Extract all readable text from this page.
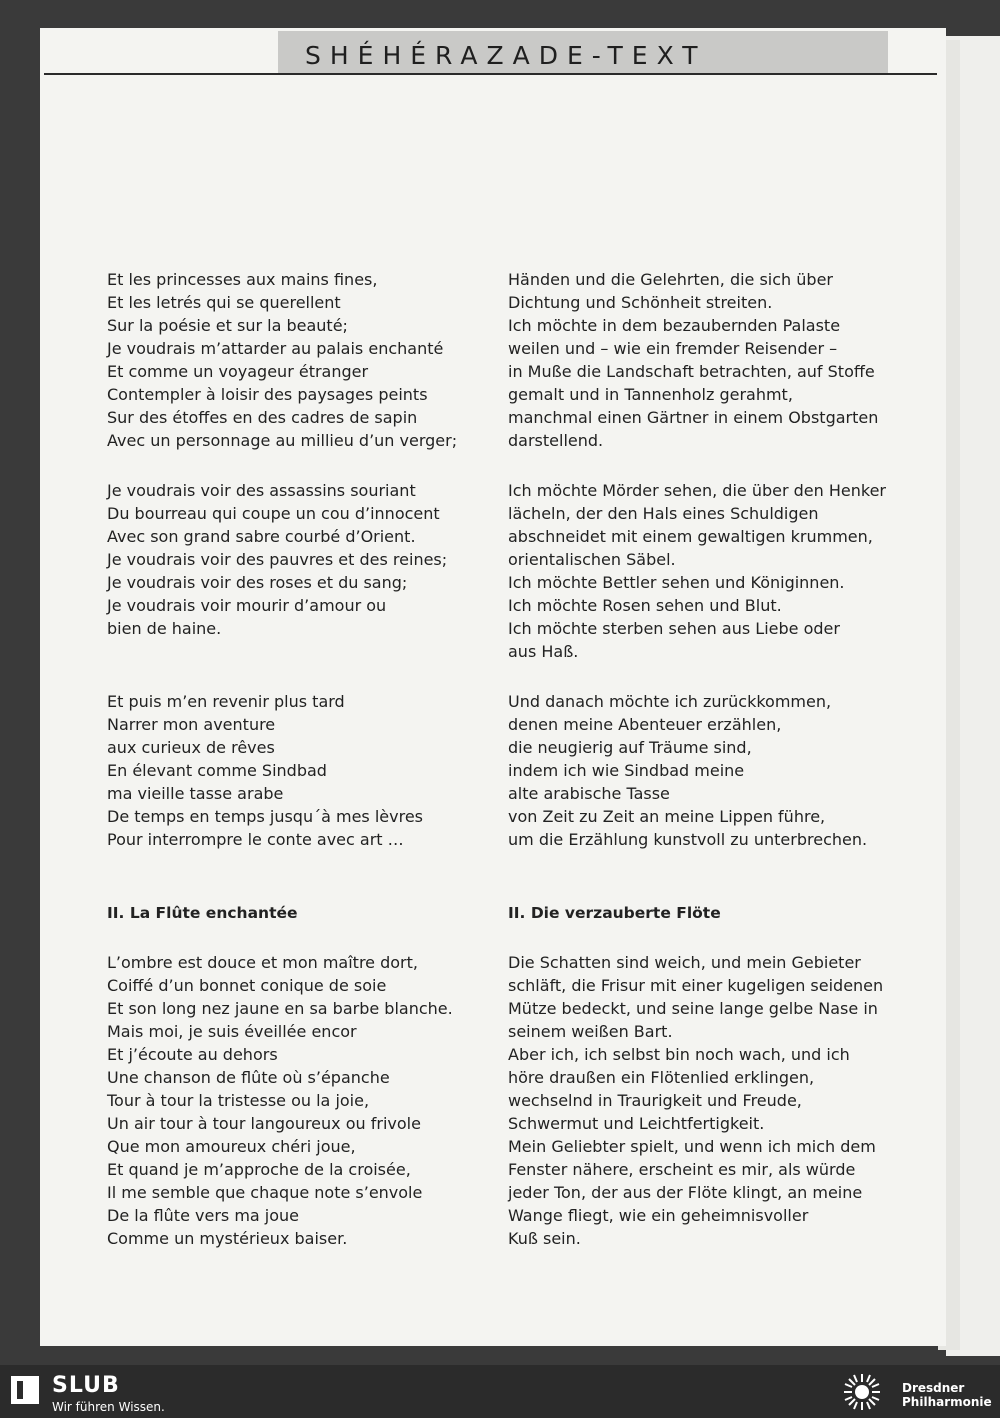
SHÉHÉRAZADE-TEXT
Et les princesses aux mains fines,
Et les letrés qui se querellent
Sur la poésie et sur la beauté;
Je voudrais m’attarder au palais enchanté
Et comme un voyageur étranger
Contempler à loisir des paysages peints
Sur des étoffes en des cadres de sapin
Avec un personnage au millieu d’un verger;
Je voudrais voir des assassins souriant
Du bourreau qui coupe un cou d’innocent
Avec son grand sabre courbé d’Orient.
Je voudrais voir des pauvres et des reines;
Je voudrais voir des roses et du sang;
Je voudrais voir mourir d’amour ou
bien de haine.
Et puis m’en revenir plus tard
Narrer mon aventure
aux curieux de rêves
En élevant comme Sindbad
ma vieille tasse arabe
De temps en temps jusqu´à mes lèvres
Pour interrompre le conte avec art …
II. La Flûte enchantée
L’ombre est douce et mon maître dort,
Coiffé d’un bonnet conique de soie
Et son long nez jaune en sa barbe blanche.
Mais moi, je suis éveillée encor
Et j’écoute au dehors
Une chanson de flûte où s’épanche
Tour à tour la tristesse ou la joie,
Un air tour à tour langoureux ou frivole
Que mon amoureux chéri joue,
Et quand je m’approche de la croisée,
Il me semble que chaque note s’envole
De la flûte vers ma joue
Comme un mystérieux baiser.
Händen und die Gelehrten, die sich über
Dichtung und Schönheit streiten.
Ich möchte in dem bezaubernden Palaste
weilen und – wie ein fremder Reisender –
in Muße die Landschaft betrachten, auf Stoffe
gemalt und in Tannenholz gerahmt,
manchmal einen Gärtner in einem Obstgarten
darstellend.
Ich möchte Mörder sehen, die über den Henker
lächeln, der den Hals eines Schuldigen
abschneidet mit einem gewaltigen krummen,
orientalischen Säbel.
Ich möchte Bettler sehen und Königinnen.
Ich möchte Rosen sehen und Blut.
Ich möchte sterben sehen aus Liebe oder
aus Haß.
Und danach möchte ich zurückkommen,
denen meine Abenteuer erzählen,
die neugierig auf Träume sind,
indem ich wie Sindbad meine
alte arabische Tasse
von Zeit zu Zeit an meine Lippen führe,
um die Erzählung kunstvoll zu unterbrechen.
II. Die verzauberte Flöte
Die Schatten sind weich, und mein Gebieter
schläft, die Frisur mit einer kugeligen seidenen
Mütze bedeckt, und seine lange gelbe Nase in
seinem weißen Bart.
Aber ich, ich selbst bin noch wach, und ich
höre draußen ein Flötenlied erklingen,
wechselnd in Traurigkeit und Freude,
Schwermut und Leichtfertigkeit.
Mein Geliebter spielt, und wenn ich mich dem
Fenster nähere, erscheint es mir, als würde
jeder Ton, der aus der Flöte klingt, an meine
Wange fliegt, wie ein geheimnisvoller
Kuß sein.
SLUB
Wir führen Wissen.
Dresdner
Philharmonie
